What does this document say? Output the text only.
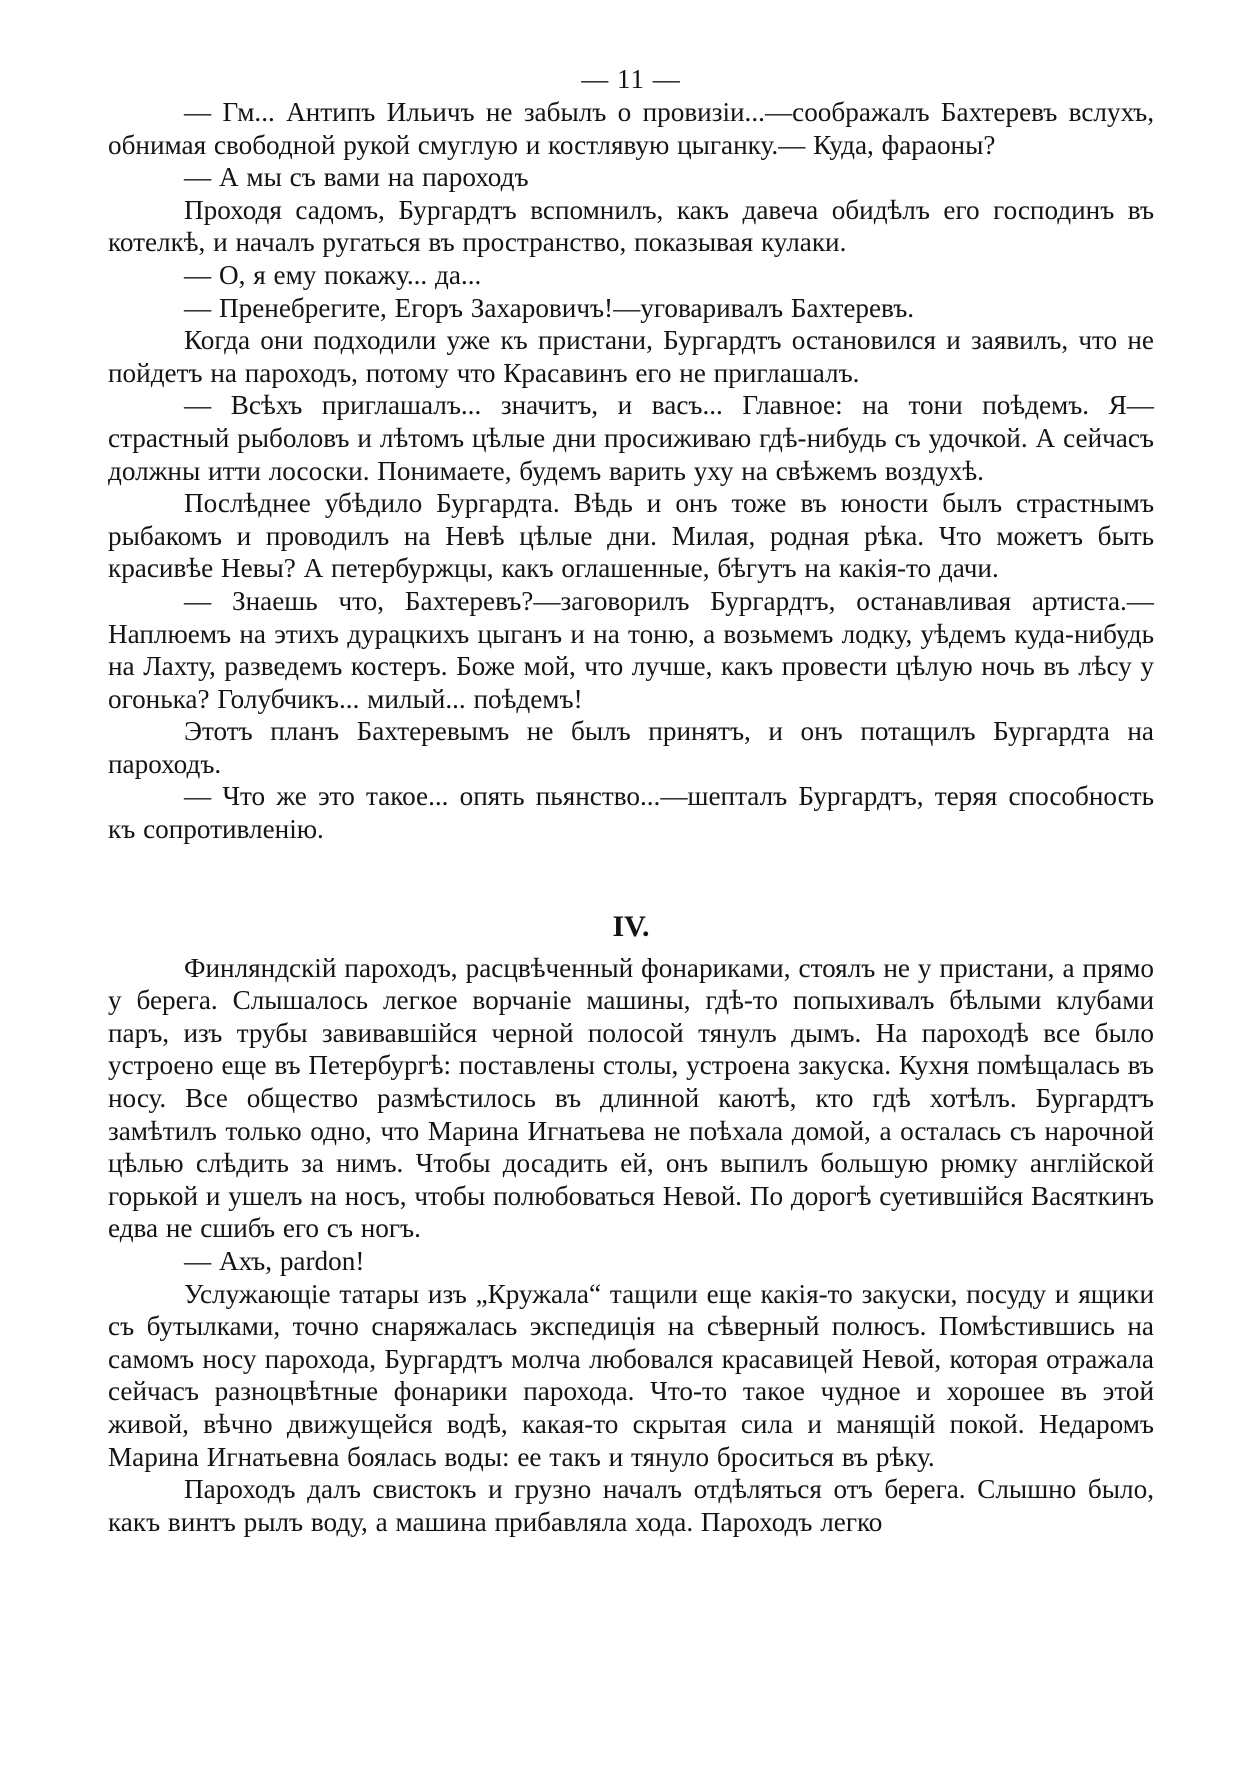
— 11 —

— Гм... Антипъ Ильичъ не забылъ о провизiи...—соображалъ Бахтеревъ вслухъ, обнимая свободной рукой смуглую и костлявую цыганку.— Куда, фараоны?

— А мы съ вами на пароходъ

Проходя садомъ, Бургардтъ вспомнилъ, какъ давеча обидѣлъ его господинъ въ котелкѣ, и началъ ругаться въ пространство, показывая кулаки.

— О, я ему покажу... да...

— Пренебрегите, Егоръ Захаровичъ!—уговаривалъ Бахтеревъ.

Когда они подходили уже къ пристани, Бургардтъ остановился и заявилъ, что не пойдетъ на пароходъ, потому что Красавинъ его не приглашалъ.

— Всѣхъ приглашалъ... значитъ, и васъ... Главное: на тони поѣдемъ. Я—страстный рыболовъ и лѣтомъ цѣлые дни просиживаю гдѣ-нибудь съ удочкой. А сейчасъ должны итти лососки. Понимаете, будемъ варить уху на свѣжемъ воздухѣ.

Послѣднее убѣдило Бургардта. Вѣдь и онъ тоже въ юности былъ страстнымъ рыбакомъ и проводилъ на Невѣ цѣлые дни. Милая, родная рѣка. Что можетъ быть красивѣе Невы? А петербуржцы, какъ оглашенные, бѣгутъ на какiя-то дачи.

— Знаешь что, Бахтеревъ?—заговорилъ Бургардтъ, останавливая артиста.—Наплюемъ на этихъ дурацкихъ цыганъ и на тоню, а возьмемъ лодку, уѣдемъ куда-нибудь на Лахту, разведемъ костеръ. Боже мой, что лучше, какъ провести цѣлую ночь въ лѣсу у огонька? Голубчикъ... милый... поѣдемъ!

Этотъ планъ Бахтеревымъ не былъ принятъ, и онъ потащилъ Бургардта на пароходъ.

— Что же это такое... опять пьянство...—шепталъ Бургардтъ, теряя способность къ сопротивленiю.

IV.

Финляндскiй пароходъ, расцвѣченный фонариками, стоялъ не у пристани, а прямо у берега. Слышалось легкое ворчанiе машины, гдѣ-то попыхивалъ бѣлыми клубами паръ, изъ трубы завивавшiйся черной полосой тянулъ дымъ. На пароходѣ все было устроено еще въ Петербургѣ: поставлены столы, устроена закуска. Кухня помѣщалась въ носу. Все общество размѣстилось въ длинной каютѣ, кто гдѣ хотѣлъ. Бургардтъ замѣтилъ только одно, что Марина Игнатьева не поѣхала домой, а осталась съ нарочной цѣлью слѣдить за нимъ. Чтобы досадить ей, онъ выпилъ большую рюмку англiйской горькой и ушелъ на носъ, чтобы полюбоваться Невой. По дорогѣ суетившiйся Васяткинъ едва не сшибъ его съ ногъ.

— Ахъ, pardon!

Услужающiе татары изъ „Кружала“ тащили еще какiя-то закуски, посуду и ящики съ бутылками, точно снаряжалась экспедицiя на сѣверный полюсъ. Помѣстившись на самомъ носу парохода, Бургардтъ молча любовался красавицей Невой, которая отражала сейчасъ разноцвѣтные фонарики парохода. Что-то такое чудное и хорошее въ этой живой, вѣчно движущейся водѣ, какая-то скрытая сила и манящiй покой. Недаромъ Марина Игнатьевна боялась воды: ее такъ и тянуло броситься въ рѣку.

Пароходъ далъ свистокъ и грузно началъ отдѣляться отъ берега. Слышно было, какъ винтъ рылъ воду, а машина прибавляла хода. Пароходъ легко
